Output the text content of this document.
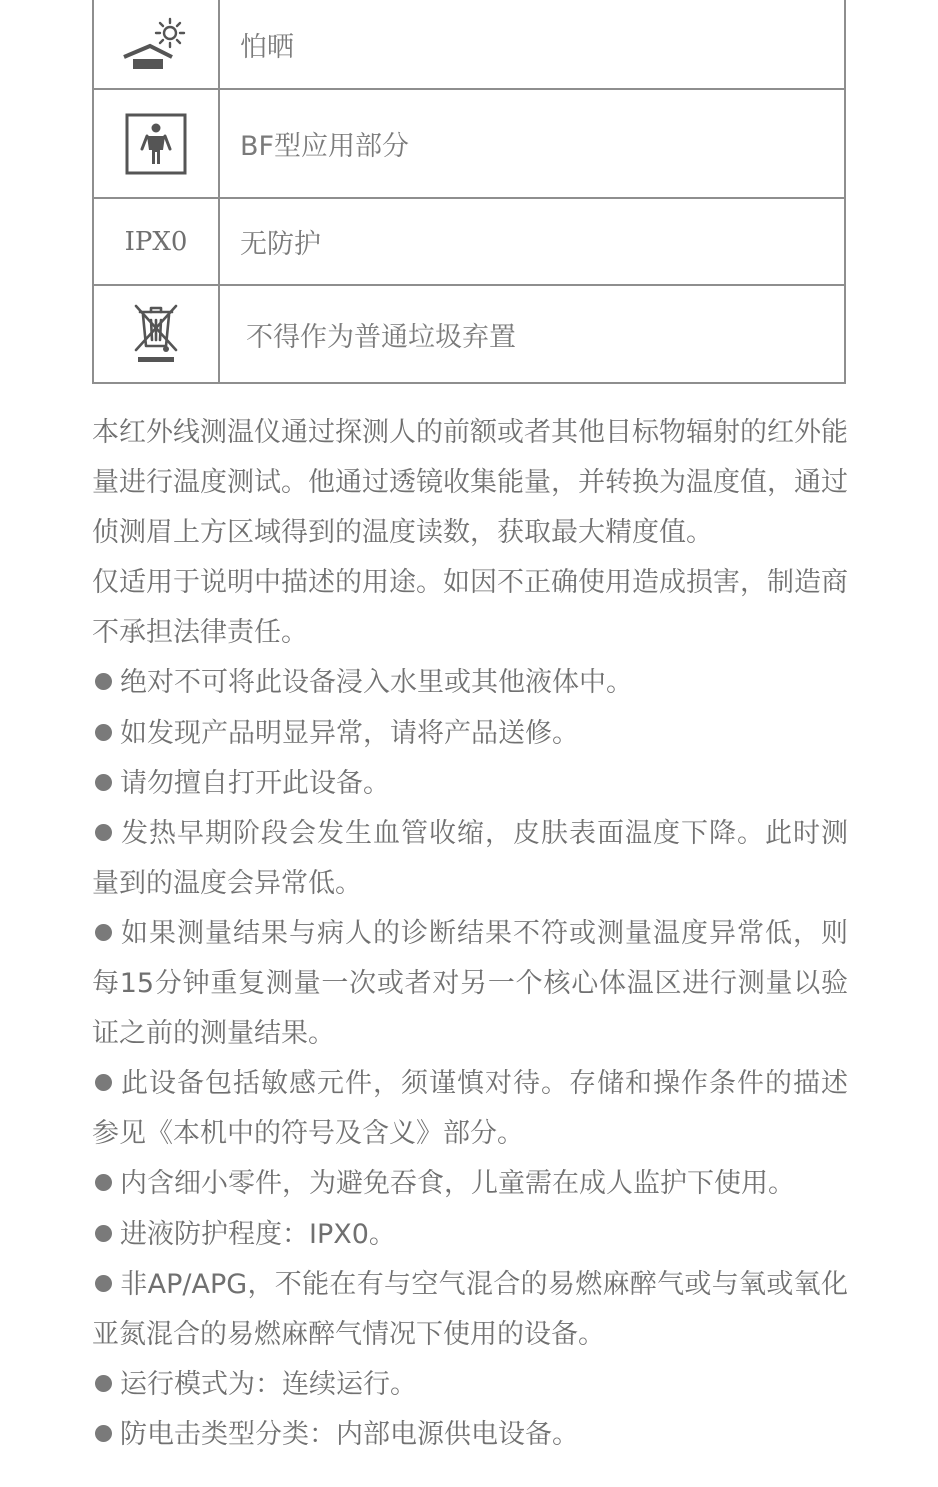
	怕晒
	BF型应用部分
IPX0	无防护
	不得作为普通垃圾弃置

本红外线测温仪通过探测人的前额或者其他目标物辐射的红外能量进行温度测试。他通过透镜收集能量，并转换为温度值，通过侦测眉上方区域得到的温度读数，获取最大精度值。

仅适用于说明中描述的用途。如因不正确使用造成损害，制造商不承担法律责任。

绝对不可将此设备浸入水里或其他液体中。

如发现产品明显异常，请将产品送修。

请勿擅自打开此设备。

发热早期阶段会发生血管收缩，皮肤表面温度下降。此时测量到的温度会异常低。

如果测量结果与病人的诊断结果不符或测量温度异常低，则每15分钟重复测量一次或者对另一个核心体温区进行测量以验证之前的测量结果。

此设备包括敏感元件，须谨慎对待。存储和操作条件的描述参见《本机中的符号及含义》部分。

内含细小零件，为避免吞食，儿童需在成人监护下使用。

进液防护程度：IPX0。

非AP/APG，不能在有与空气混合的易燃麻醉气或与氧或氧化亚氮混合的易燃麻醉气情况下使用的设备。

运行模式为：连续运行。

防电击类型分类：内部电源供电设备。
